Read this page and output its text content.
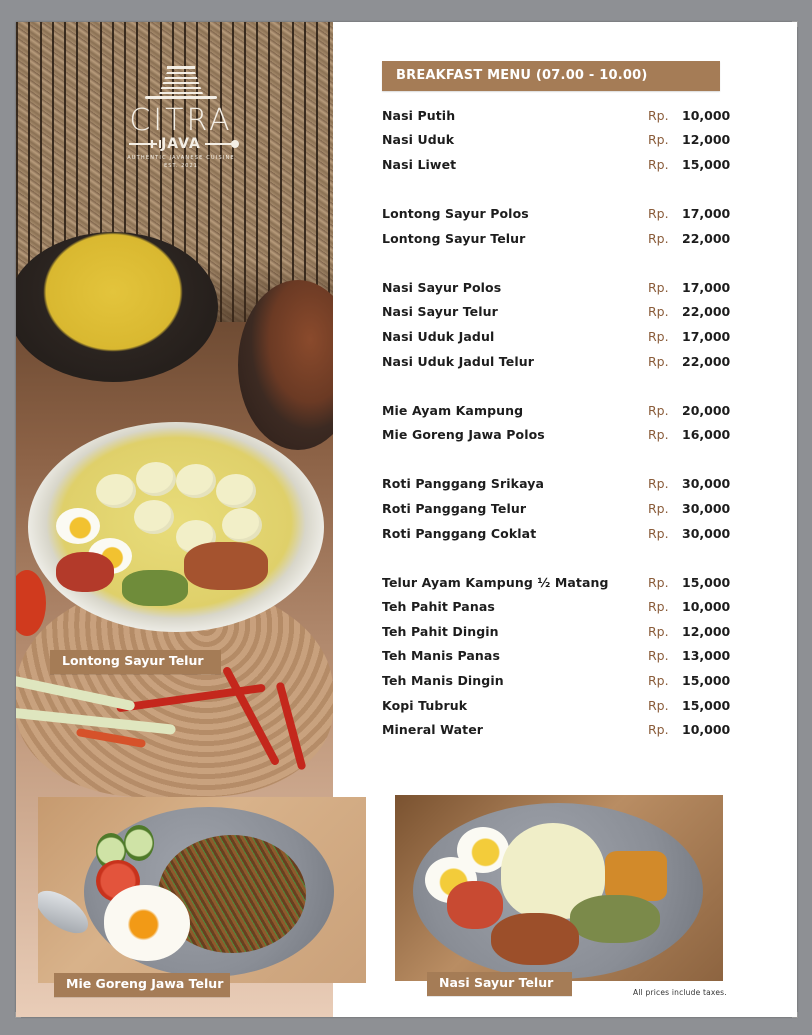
CITRA
JAVA
AUTHENTIC JAVANESE CUISINE
EST. 2021
Lontong Sayur Telur
Mie Goreng Jawa Telur	Nasi Sayur Telur
BREAKFAST MENU (07.00 - 10.00)
Nasi Putih	Rp.	10,000
Nasi Uduk	Rp.	12,000
Nasi Liwet	Rp.	15,000
Lontong Sayur Polos	Rp.	17,000
Lontong Sayur Telur	Rp.	22,000
Nasi Sayur Polos	Rp.	17,000
Nasi Sayur Telur	Rp.	22,000
Nasi Uduk Jadul	Rp.	17,000
Nasi Uduk Jadul Telur	Rp.	22,000
Mie Ayam Kampung	Rp.	20,000
Mie Goreng Jawa Polos	Rp.	16,000
Roti Panggang Srikaya	Rp.	30,000
Roti Panggang Telur	Rp.	30,000
Roti Panggang Coklat	Rp.	30,000
Telur Ayam Kampung ½ Matang	Rp.	15,000
Teh Pahit Panas	Rp.	10,000
Teh Pahit Dingin	Rp.	12,000
Teh Manis Panas	Rp.	13,000
Teh Manis Dingin	Rp.	15,000
Kopi Tubruk	Rp.	15,000
Mineral Water	Rp.	10,000
All prices include taxes.
